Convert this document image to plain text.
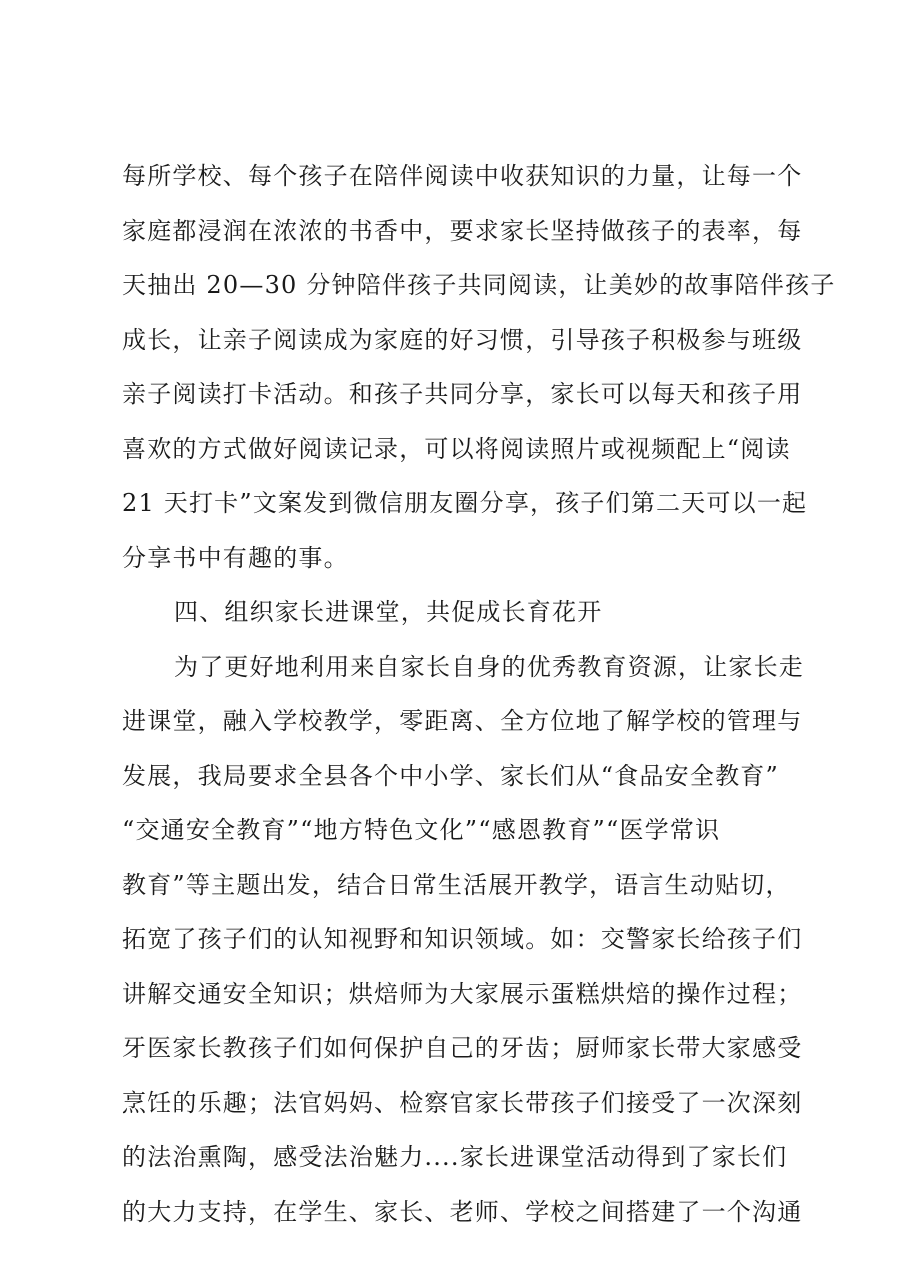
每所学校、每个孩子在陪伴阅读中收获知识的力量，让每一个
家庭都浸润在浓浓的书香中，要求家长坚持做孩子的表率，每
天抽出 20—30 分钟陪伴孩子共同阅读，让美妙的故事陪伴孩子
成长，让亲子阅读成为家庭的好习惯，引导孩子积极参与班级
亲子阅读打卡活动。和孩子共同分享，家长可以每天和孩子用
喜欢的方式做好阅读记录，可以将阅读照片或视频配上“阅读
21 天打卡”文案发到微信朋友圈分享，孩子们第二天可以一起
分享书中有趣的事。
四、组织家长进课堂，共促成长育花开
为了更好地利用来自家长自身的优秀教育资源，让家长走
进课堂，融入学校教学，零距离、全方位地了解学校的管理与
发展，我局要求全县各个中小学、家长们从“食品安全教育”
“交通安全教育”“地方特色文化”“感恩教育”“医学常识
教育”等主题出发，结合日常生活展开教学，语言生动贴切，
拓宽了孩子们的认知视野和知识领域。如：交警家长给孩子们
讲解交通安全知识；烘焙师为大家展示蛋糕烘焙的操作过程；
牙医家长教孩子们如何保护自己的牙齿；厨师家长带大家感受
烹饪的乐趣；法官妈妈、检察官家长带孩子们接受了一次深刻
的法治熏陶，感受法治魅力....家长进课堂活动得到了家长们
的大力支持，在学生、家长、老师、学校之间搭建了一个沟通
